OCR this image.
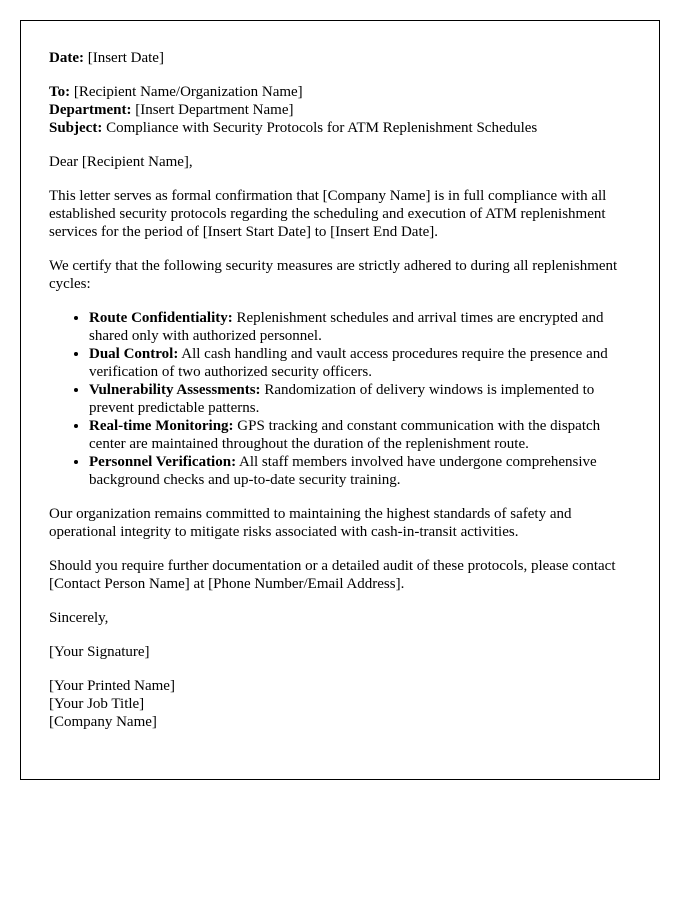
Date: [Insert Date]

To: [Recipient Name/Organization Name]

Department: [Insert Department Name]

Subject: Compliance with Security Protocols for ATM Replenishment Schedules

Dear [Recipient Name],

This letter serves as formal confirmation that [Company Name] is in full compliance with all established security protocols regarding the scheduling and execution of ATM replenishment services for the period of [Insert Start Date] to [Insert End Date].

We certify that the following security measures are strictly adhered to during all replenishment cycles:

• Route Confidentiality: Replenishment schedules and arrival times are encrypted and shared only with authorized personnel.
• Dual Control: All cash handling and vault access procedures require the presence and verification of two authorized security officers.
• Vulnerability Assessments: Randomization of delivery windows is implemented to prevent predictable patterns.
• Real-time Monitoring: GPS tracking and constant communication with the dispatch center are maintained throughout the duration of the replenishment route.
• Personnel Verification: All staff members involved have undergone comprehensive background checks and up-to-date security training.

Our organization remains committed to maintaining the highest standards of safety and operational integrity to mitigate risks associated with cash-in-transit activities.

Should you require further documentation or a detailed audit of these protocols, please contact [Contact Person Name] at [Phone Number/Email Address].

Sincerely,

[Your Signature]

[Your Printed Name]

[Your Job Title]

[Company Name]
